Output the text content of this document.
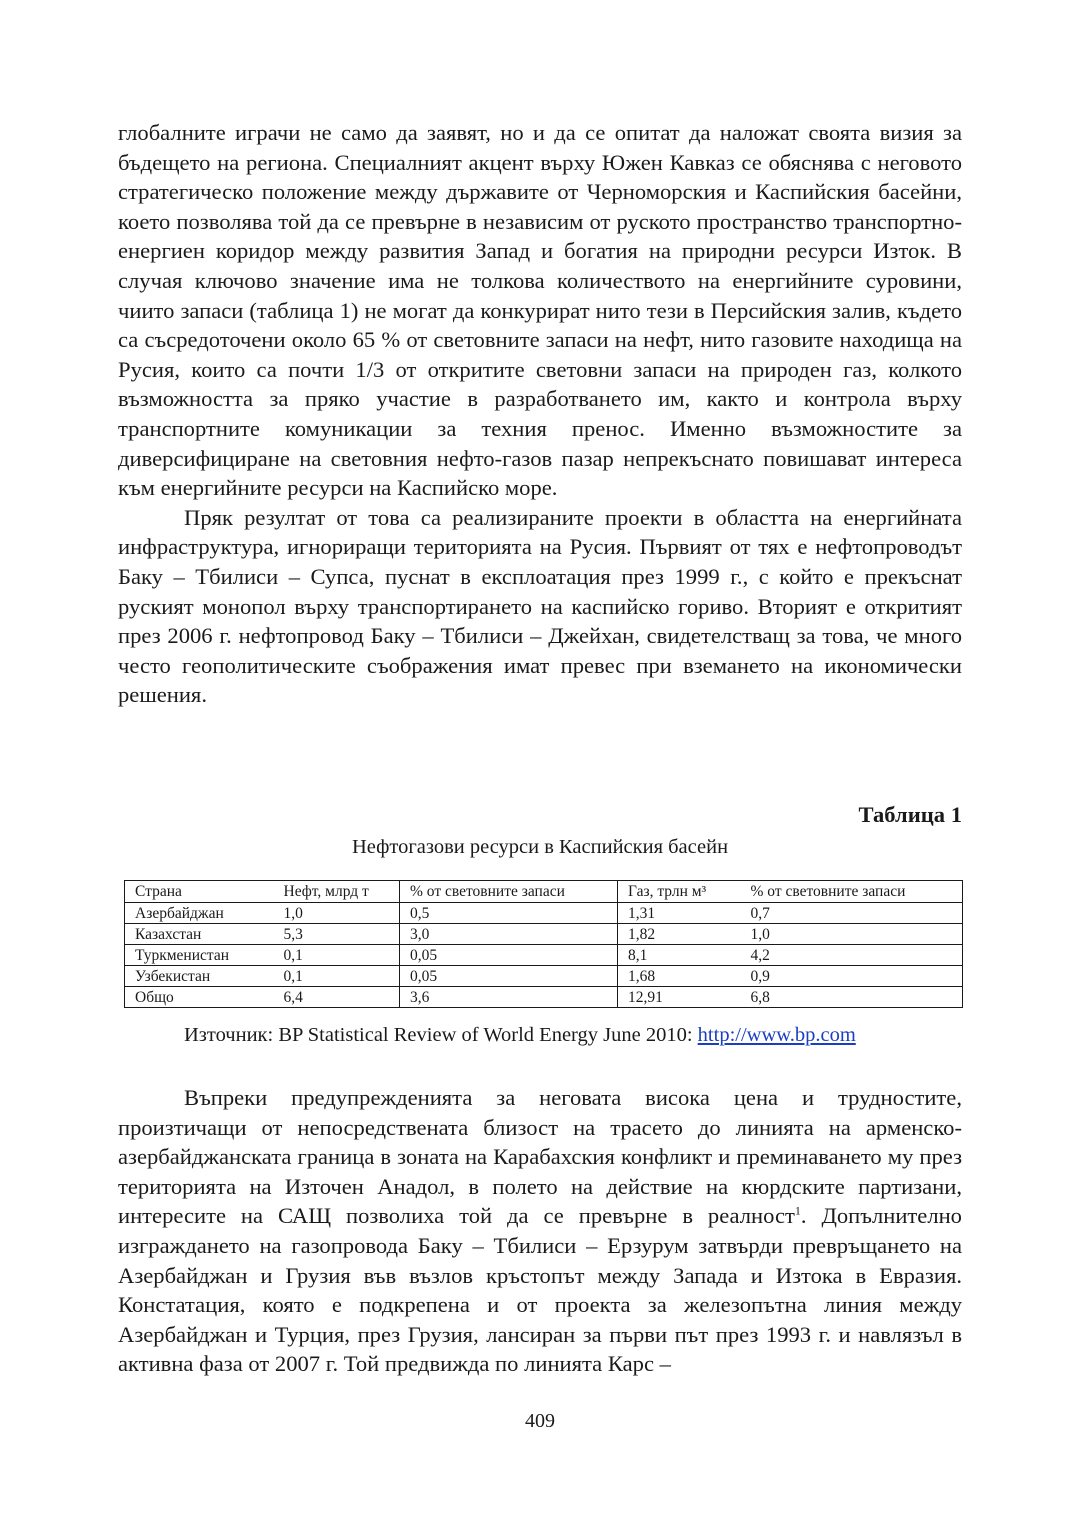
глобалните играчи не само да заявят, но и да се опитат да наложат своята визия за бъдещето на региона. Специалният акцент върху Южен Кавказ се обяснява с неговото стратегическо положение между държавите от Черноморския и Каспийския басейни, което позволява той да се превърне в независим от руското пространство транспортно-енергиен коридор между развития Запад и богатия на природни ресурси Изток. В случая ключово значение има не толкова количеството на енергийните суровини, чиито запаси (таблица 1) не могат да конкурират нито тези в Персийския залив, където са съсредоточени около 65 % от световните запаси на нефт, нито газовите находища на Русия, които са почти 1/3 от откритите световни запаси на природен газ, колкото възможността за пряко участие в разработването им, както и контрола върху транспортните комуникации за техния пренос. Именно възможностите за диверсифициране на световния нефто-газов пазар непрекъснато повишават интереса към енергийните ресурси на Каспийско море.

Пряк резултат от това са реализираните проекти в областта на енергийната инфраструктура, игнориращи територията на Русия. Първият от тях е нефтопроводът Баку – Тбилиси – Супса, пуснат в експлоатация през 1999 г., с който е прекъснат руският монопол върху транспортирането на каспийско гориво. Вторият е откритият през 2006 г. нефтопровод Баку – Тбилиси – Джейхан, свидетелстващ за това, че много често геополитическите съображения имат превес при вземането на икономически решения.

Таблица 1
Нефтогазови ресурси в Каспийския басейн
Страна	Нефт, млрд т	% от световните запаси	Газ, трлн м³	% от световните запаси
Азербайджан	1,0	0,5	1,31	0,7
Казахстан	5,3	3,0	1,82	1,0
Туркменистан	0,1	0,05	8,1	4,2
Узбекистан	0,1	0,05	1,68	0,9
Общо	6,4	3,6	12,91	6,8
Източник: BP Statistical Review of World Energy June 2010: http://www.bp.com

Въпреки предупрежденията за неговата висока цена и трудностите, произтичащи от непосредствената близост на трасето до линията на арменско-азербайджанската граница в зоната на Карабахския конфликт и преминаването му през територията на Източен Анадол, в полето на действие на кюрдските партизани, интересите на САЩ позволиха той да се превърне в реалност$^1$. Допълнително изграждането на газопровода Баку – Тбилиси – Ерзурум затвърди превръщането на Азербайджан и Грузия във възлов кръстопът между Запада и Изтока в Евразия. Констатация, която е подкрепена и от проекта за железопътна линия между Азербайджан и Турция, през Грузия, лансиран за първи път през 1993 г. и навлязъл в активна фаза от 2007 г. Той предвижда по линията Карс –

409
